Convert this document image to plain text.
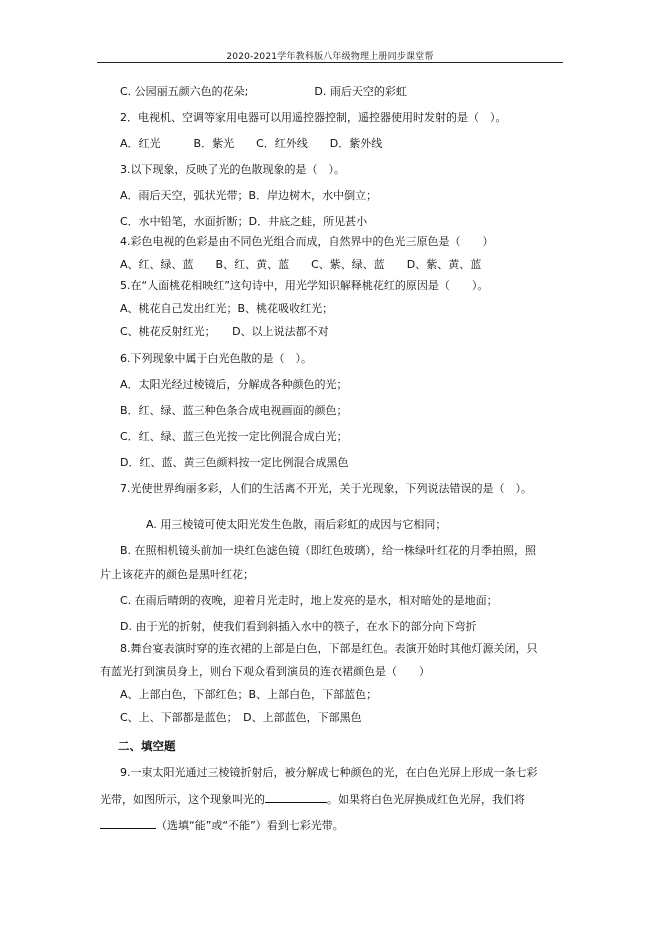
2020-2021学年教科版八年级物理上册同步课堂帮
C. 公园丽五颜六色的花朵;　　　　　　D. 雨后天空的彩虹
2．电视机、空调等家用电器可以用遥控器控制，遥控器使用时发射的是（　）。
A．红光　　　B．紫光　　C．红外线　　D．紫外线
3.以下现象，反映了光的色散现象的是（　）。
A．雨后天空，弧状光带；B．岸边树木，水中倒立；
C．水中铅笔，水面折断；D．井底之蛙，所见甚小
4.彩色电视的色彩是由不同色光组合而成，自然界中的色光三原色是（　　）
A、红、绿、蓝　　B、红、黄、蓝　　C、紫、绿、蓝　　D、紫、黄、蓝
5.在“人面桃花相映红”这句诗中，用光学知识解释桃花红的原因是（　　）。
A、桃花自己发出红光；B、桃花吸收红光；
C、桃花反射红光；　　D、以上说法都不对
6.下列现象中属于白光色散的是（　）。
A．太阳光经过棱镜后，分解成各种颜色的光；
B．红、绿、蓝三种色条合成电视画面的颜色；
C．红、绿、蓝三色光按一定比例混合成白光；
D．红、蓝、黄三色颜料按一定比例混合成黑色
7.光使世界绚丽多彩，人们的生活离不开光，关于光现象，下列说法错误的是（　）。
A. 用三棱镜可使太阳光发生色散，雨后彩虹的成因与它相同；
B. 在照相机镜头前加一块红色滤色镜（即红色玻璃），给一株绿叶红花的月季拍照，照
片上该花卉的颜色是黑叶红花；
C. 在雨后晴朗的夜晚，迎着月光走时，地上发亮的是水，相对暗处的是地面；
D. 由于光的折射，使我们看到斜插入水中的筷子，在水下的部分向下弯折
8.舞台宴表演时穿的连衣裙的上部是白色，下部是红色。表演开始时其他灯源关闭，只
有蓝光打到演员身上，则台下观众看到演员的连衣裙颜色是（　　）
A、上部白色，下部红色；B、上部白色，下部蓝色；
C、上、下部都是蓝色；　D、上部蓝色，下部黑色
二、填空题
9.一束太阳光通过三棱镜折射后，被分解成七种颜色的光，在白色光屏上形成一条七彩
光带，如图所示，这个现象叫光的	。如果将白色光屏换成红色光屏，我们将
（选填“能”或“不能”）看到七彩光带。
